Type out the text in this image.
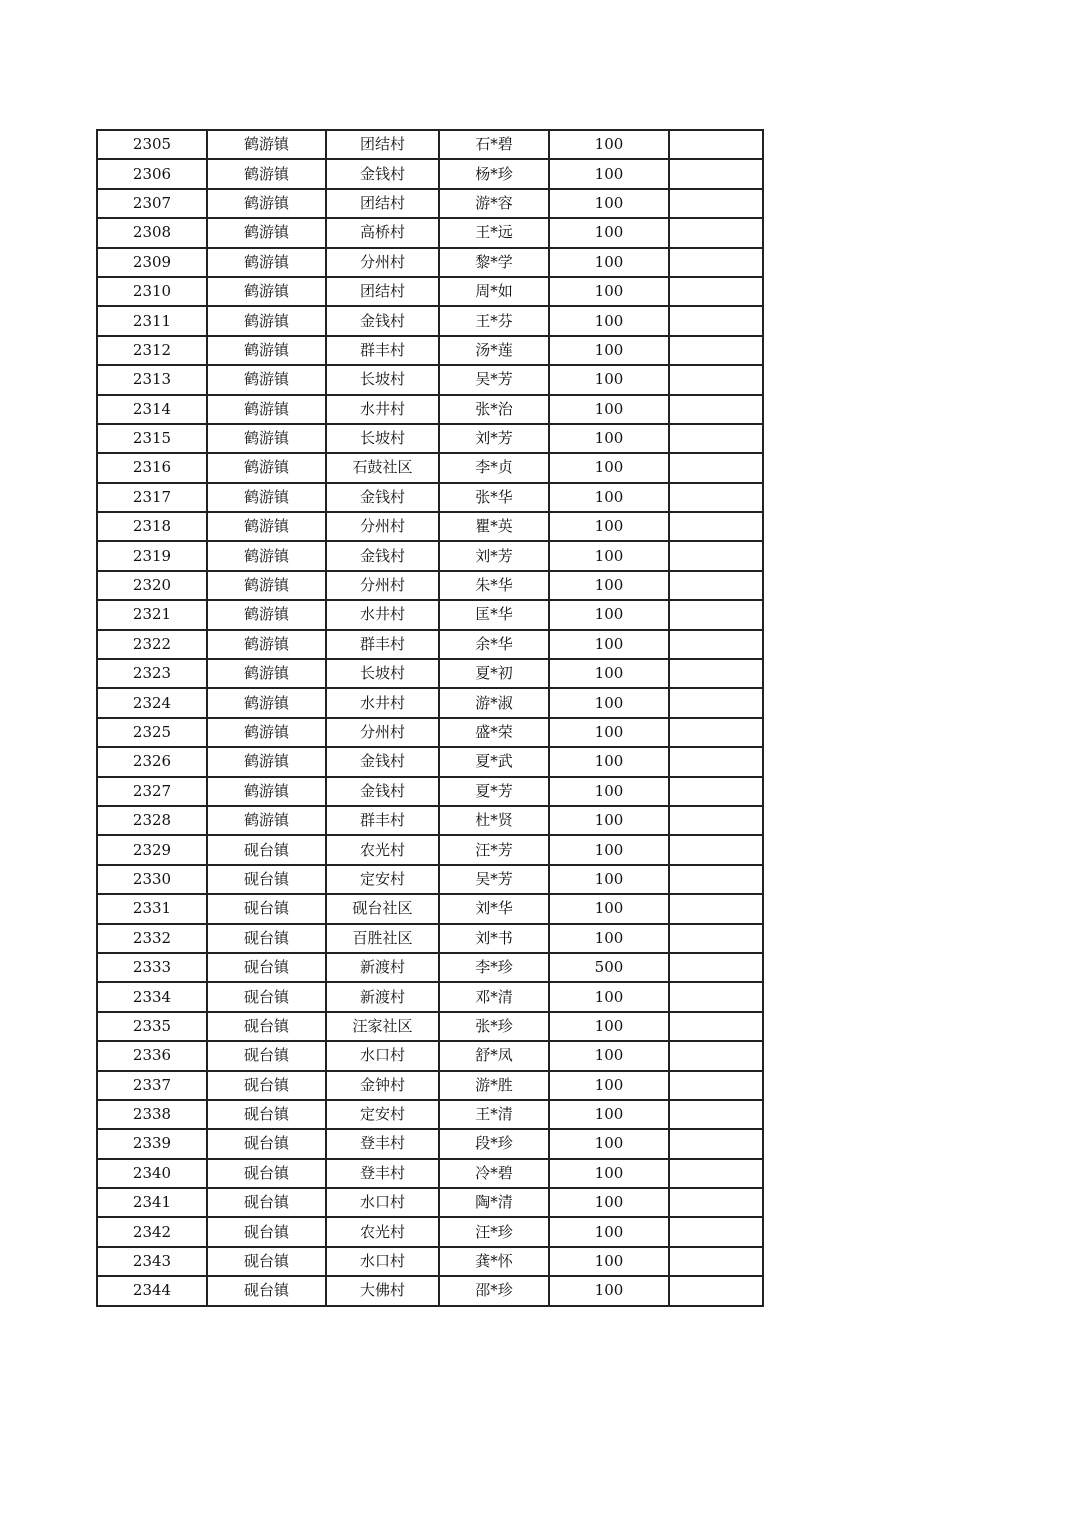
2305	鹤游镇	团结村	石*碧	100	
2306	鹤游镇	金钱村	杨*珍	100	
2307	鹤游镇	团结村	游*容	100	
2308	鹤游镇	高桥村	王*远	100	
2309	鹤游镇	分州村	黎*学	100	
2310	鹤游镇	团结村	周*如	100	
2311	鹤游镇	金钱村	王*芬	100	
2312	鹤游镇	群丰村	汤*莲	100	
2313	鹤游镇	长坡村	吴*芳	100	
2314	鹤游镇	水井村	张*治	100	
2315	鹤游镇	长坡村	刘*芳	100	
2316	鹤游镇	石鼓社区	李*贞	100	
2317	鹤游镇	金钱村	张*华	100	
2318	鹤游镇	分州村	瞿*英	100	
2319	鹤游镇	金钱村	刘*芳	100	
2320	鹤游镇	分州村	朱*华	100	
2321	鹤游镇	水井村	匡*华	100	
2322	鹤游镇	群丰村	余*华	100	
2323	鹤游镇	长坡村	夏*初	100	
2324	鹤游镇	水井村	游*淑	100	
2325	鹤游镇	分州村	盛*荣	100	
2326	鹤游镇	金钱村	夏*武	100	
2327	鹤游镇	金钱村	夏*芳	100	
2328	鹤游镇	群丰村	杜*贤	100	
2329	砚台镇	农光村	汪*芳	100	
2330	砚台镇	定安村	吴*芳	100	
2331	砚台镇	砚台社区	刘*华	100	
2332	砚台镇	百胜社区	刘*书	100	
2333	砚台镇	新渡村	李*珍	500	
2334	砚台镇	新渡村	邓*清	100	
2335	砚台镇	汪家社区	张*珍	100	
2336	砚台镇	水口村	舒*凤	100	
2337	砚台镇	金钟村	游*胜	100	
2338	砚台镇	定安村	王*清	100	
2339	砚台镇	登丰村	段*珍	100	
2340	砚台镇	登丰村	冷*碧	100	
2341	砚台镇	水口村	陶*清	100	
2342	砚台镇	农光村	汪*珍	100	
2343	砚台镇	水口村	龚*怀	100	
2344	砚台镇	大佛村	邵*珍	100	
